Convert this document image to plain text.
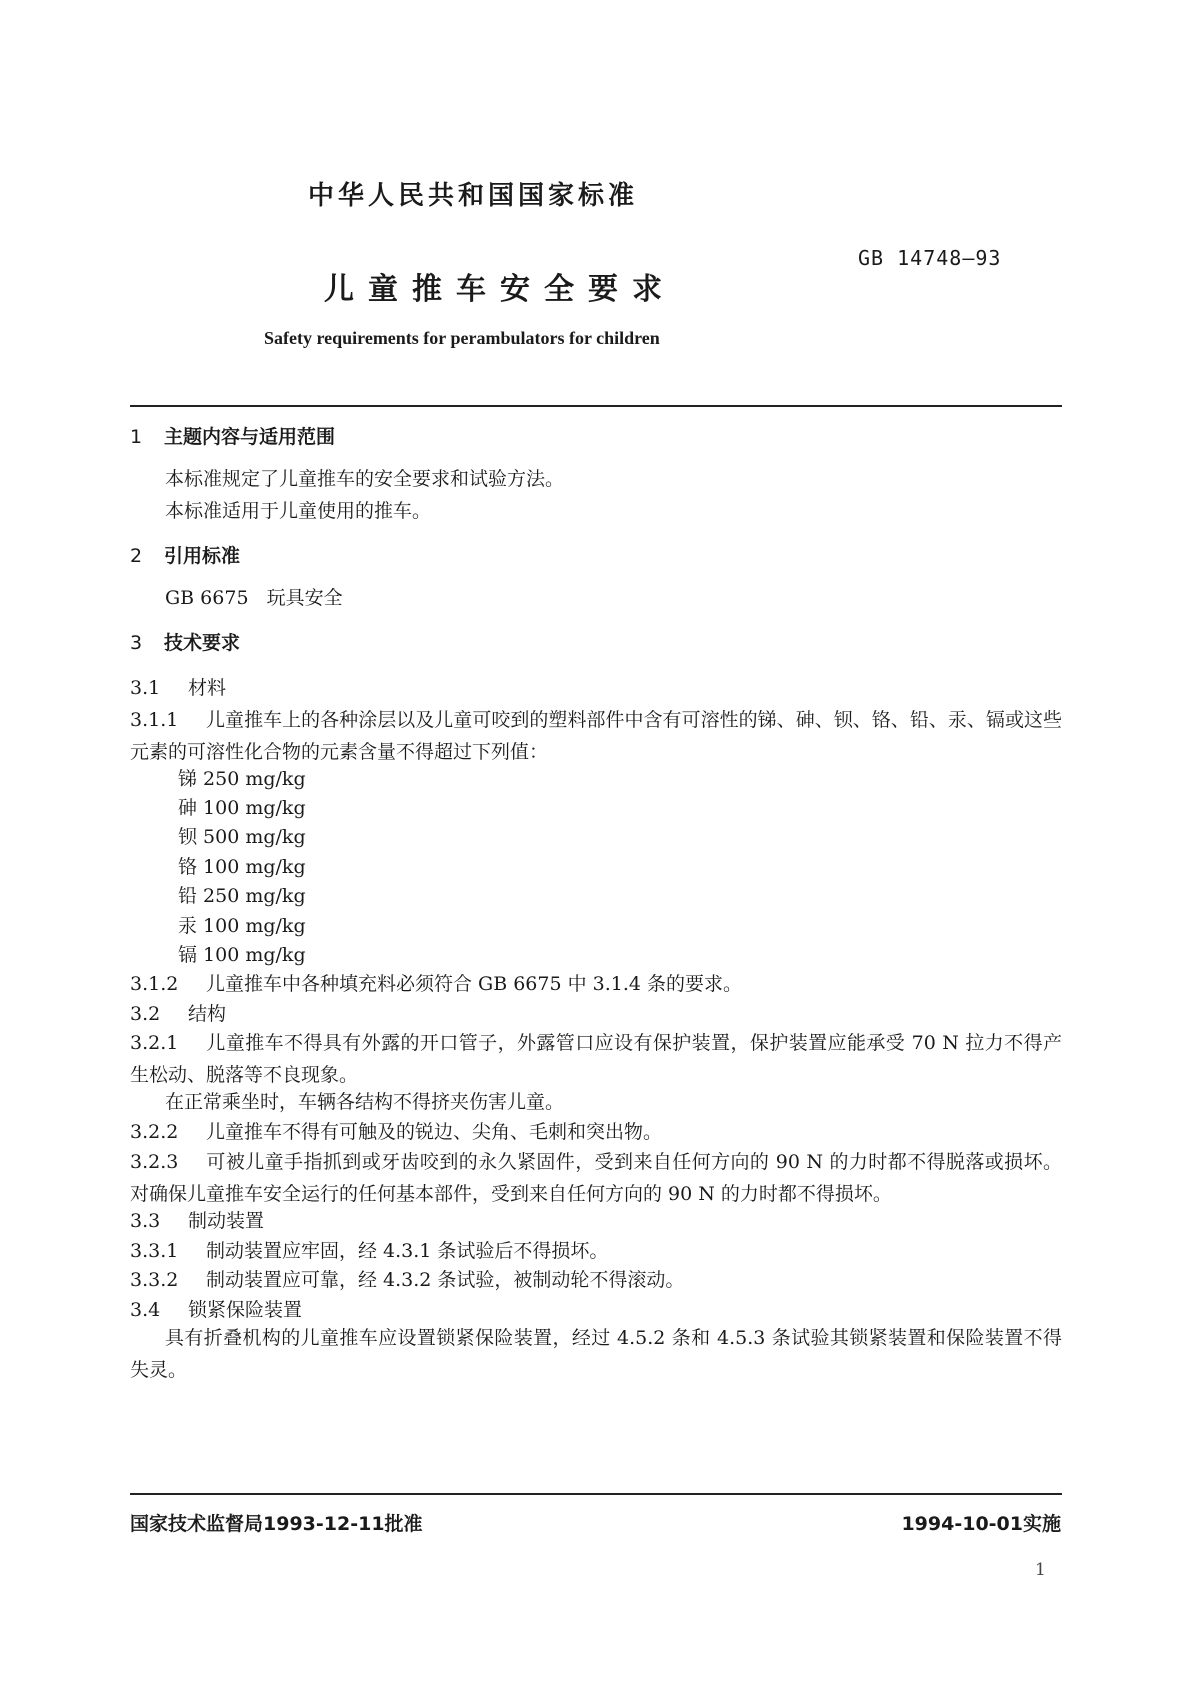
中华人民共和国国家标准
GB 14748—93
儿童推车安全要求
Safety requirements for perambulators for children
1 主题内容与适用范围
本标准规定了儿童推车的安全要求和试验方法。
本标准适用于儿童使用的推车。
2 引用标准
GB 6675 玩具安全
3 技术要求
3.1 材料
3.1.1 儿童推车上的各种涂层以及儿童可咬到的塑料部件中含有可溶性的锑、砷、钡、铬、铅、汞、镉或这些元素的可溶性化合物的元素含量不得超过下列值：
锑 250 mg/kg
砷 100 mg/kg
钡 500 mg/kg
铬 100 mg/kg
铅 250 mg/kg
汞 100 mg/kg
镉 100 mg/kg
3.1.2 儿童推车中各种填充料必须符合 GB 6675 中 3.1.4 条的要求。
3.2 结构
3.2.1 儿童推车不得具有外露的开口管子，外露管口应设有保护装置，保护装置应能承受 70 N 拉力不得产生松动、脱落等不良现象。
在正常乘坐时，车辆各结构不得挤夹伤害儿童。
3.2.2 儿童推车不得有可触及的锐边、尖角、毛刺和突出物。
3.2.3 可被儿童手指抓到或牙齿咬到的永久紧固件，受到来自任何方向的 90 N 的力时都不得脱落或损坏。对确保儿童推车安全运行的任何基本部件，受到来自任何方向的 90 N 的力时都不得损坏。
3.3 制动装置
3.3.1 制动装置应牢固，经 4.3.1 条试验后不得损坏。
3.3.2 制动装置应可靠，经 4.3.2 条试验，被制动轮不得滚动。
3.4 锁紧保险装置
具有折叠机构的儿童推车应设置锁紧保险装置，经过 4.5.2 条和 4.5.3 条试验其锁紧装置和保险装置不得失灵。
国家技术监督局1993-12-11批准	1994-10-01实施
1
